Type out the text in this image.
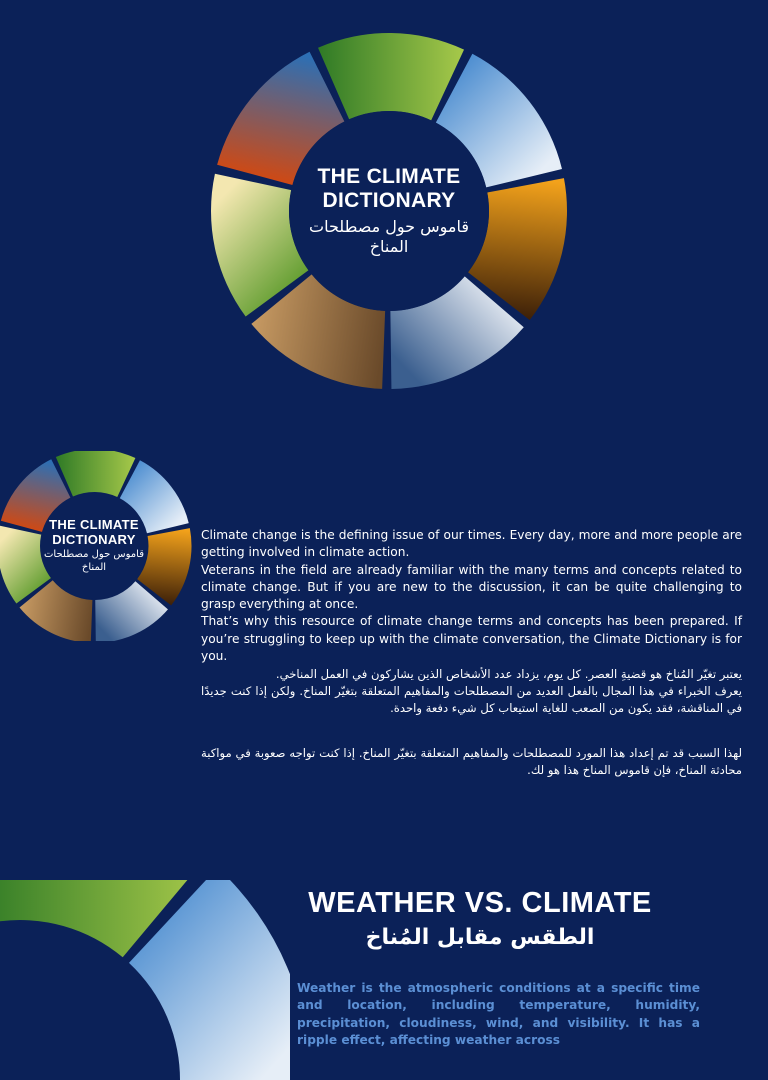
THE CLIMATE DICTIONARY
قاموس حول مصطلحات المناخ
THE CLIMATE DICTIONARY
قاموس حول مصطلحات المناخ

Climate change is the defining issue of our times. Every day, more and more people are getting involved in climate action.

Veterans in the field are already familiar with the many terms and concepts related to climate change. But if you are new to the discussion, it can be quite challenging to grasp everything at once.

That’s why this resource of climate change terms and concepts has been prepared. If you’re struggling to keep up with the climate conversation, the Climate Dictionary is for you.

يعتبر تغيّر المُناخ هو قضيةِ العصر. كل يوم، يزداد عدد الأشخاص الذين يشاركون في العمل المناخي.

يعرف الخبراء في هذا المجال بالفعل العديد من المصطلحات والمفاهيم المتعلقة بتغيّر المناخ. ولكن إذا كنت جديدًا في المناقشة، فقد يكون من الصعب للغاية استيعاب كل شيء دفعة واحدة.

لهذا السبب قد تم إعداد هذا المورد للمصطلحات والمفاهيم المتعلقة بتغيّر المناخ. إذا كنت تواجه صعوبة في مواكبة محادثة المناخ، فإن قاموس المناخ هذا هو لك.

WEATHER VS. CLIMATE
الطقس مقابل المُناخ
Weather is the atmospheric conditions at a specific time and location, including temperature, humidity, precipitation, cloudiness, wind, and visibility. It has a ripple effect, affecting weather across
